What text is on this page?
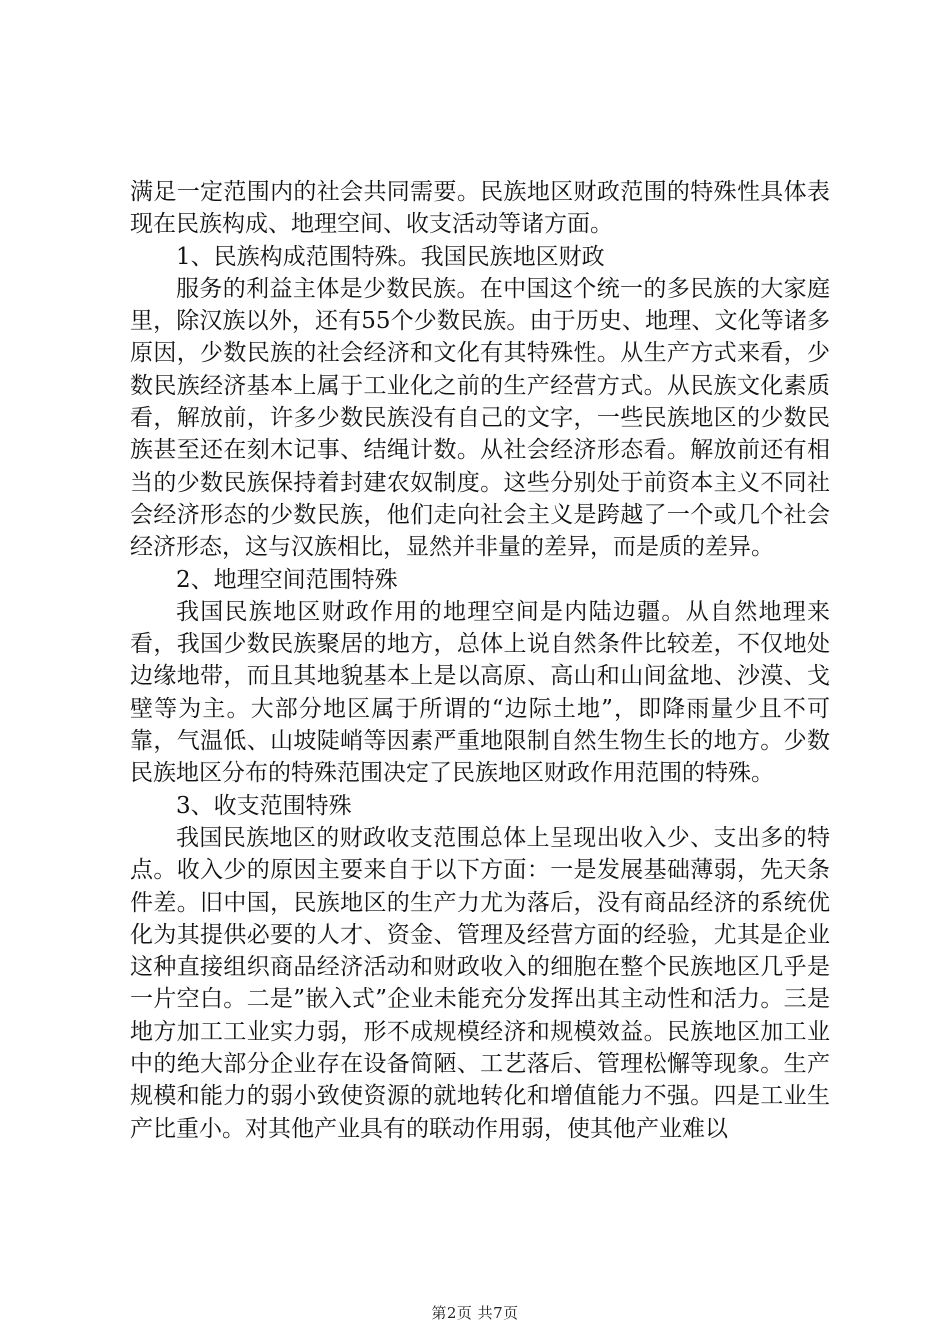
满足一定范围内的社会共同需要。民族地区财政范围的特殊性具体表现在民族构成、地理空间、收支活动等诸方面。

1、民族构成范围特殊。我国民族地区财政

服务的利益主体是少数民族。在中国这个统一的多民族的大家庭里，除汉族以外，还有55个少数民族。由于历史、地理、文化等诸多原因，少数民族的社会经济和文化有其特殊性。从生产方式来看，少数民族经济基本上属于工业化之前的生产经营方式。从民族文化素质看，解放前，许多少数民族没有自己的文字，一些民族地区的少数民族甚至还在刻木记事、结绳计数。从社会经济形态看。解放前还有相当的少数民族保持着封建农奴制度。这些分别处于前资本主义不同社会经济形态的少数民族，他们走向社会主义是跨越了一个或几个社会经济形态，这与汉族相比，显然并非量的差异，而是质的差异。

2、地理空间范围特殊

我国民族地区财政作用的地理空间是内陆边疆。从自然地理来看，我国少数民族聚居的地方，总体上说自然条件比较差，不仅地处边缘地带，而且其地貌基本上是以高原、高山和山间盆地、沙漠、戈壁等为主。大部分地区属于所谓的“边际土地”，即降雨量少且不可靠，气温低、山坡陡峭等因素严重地限制自然生物生长的地方。少数民族地区分布的特殊范围决定了民族地区财政作用范围的特殊。

3、收支范围特殊

我国民族地区的财政收支范围总体上呈现出收入少、支出多的特点。收入少的原因主要来自于以下方面：一是发展基础薄弱，先天条件差。旧中国，民族地区的生产力尤为落后，没有商品经济的系统优化为其提供必要的人才、资金、管理及经营方面的经验，尤其是企业这种直接组织商品经济活动和财政收入的细胞在整个民族地区几乎是一片空白。二是”嵌入式”企业未能充分发挥出其主动性和活力。三是地方加工工业实力弱，形不成规模经济和规模效益。民族地区加工业中的绝大部分企业存在设备简陋、工艺落后、管理松懈等现象。生产规模和能力的弱小致使资源的就地转化和增值能力不强。四是工业生产比重小。对其他产业具有的联动作用弱，使其他产业难以

第2页 共7页
